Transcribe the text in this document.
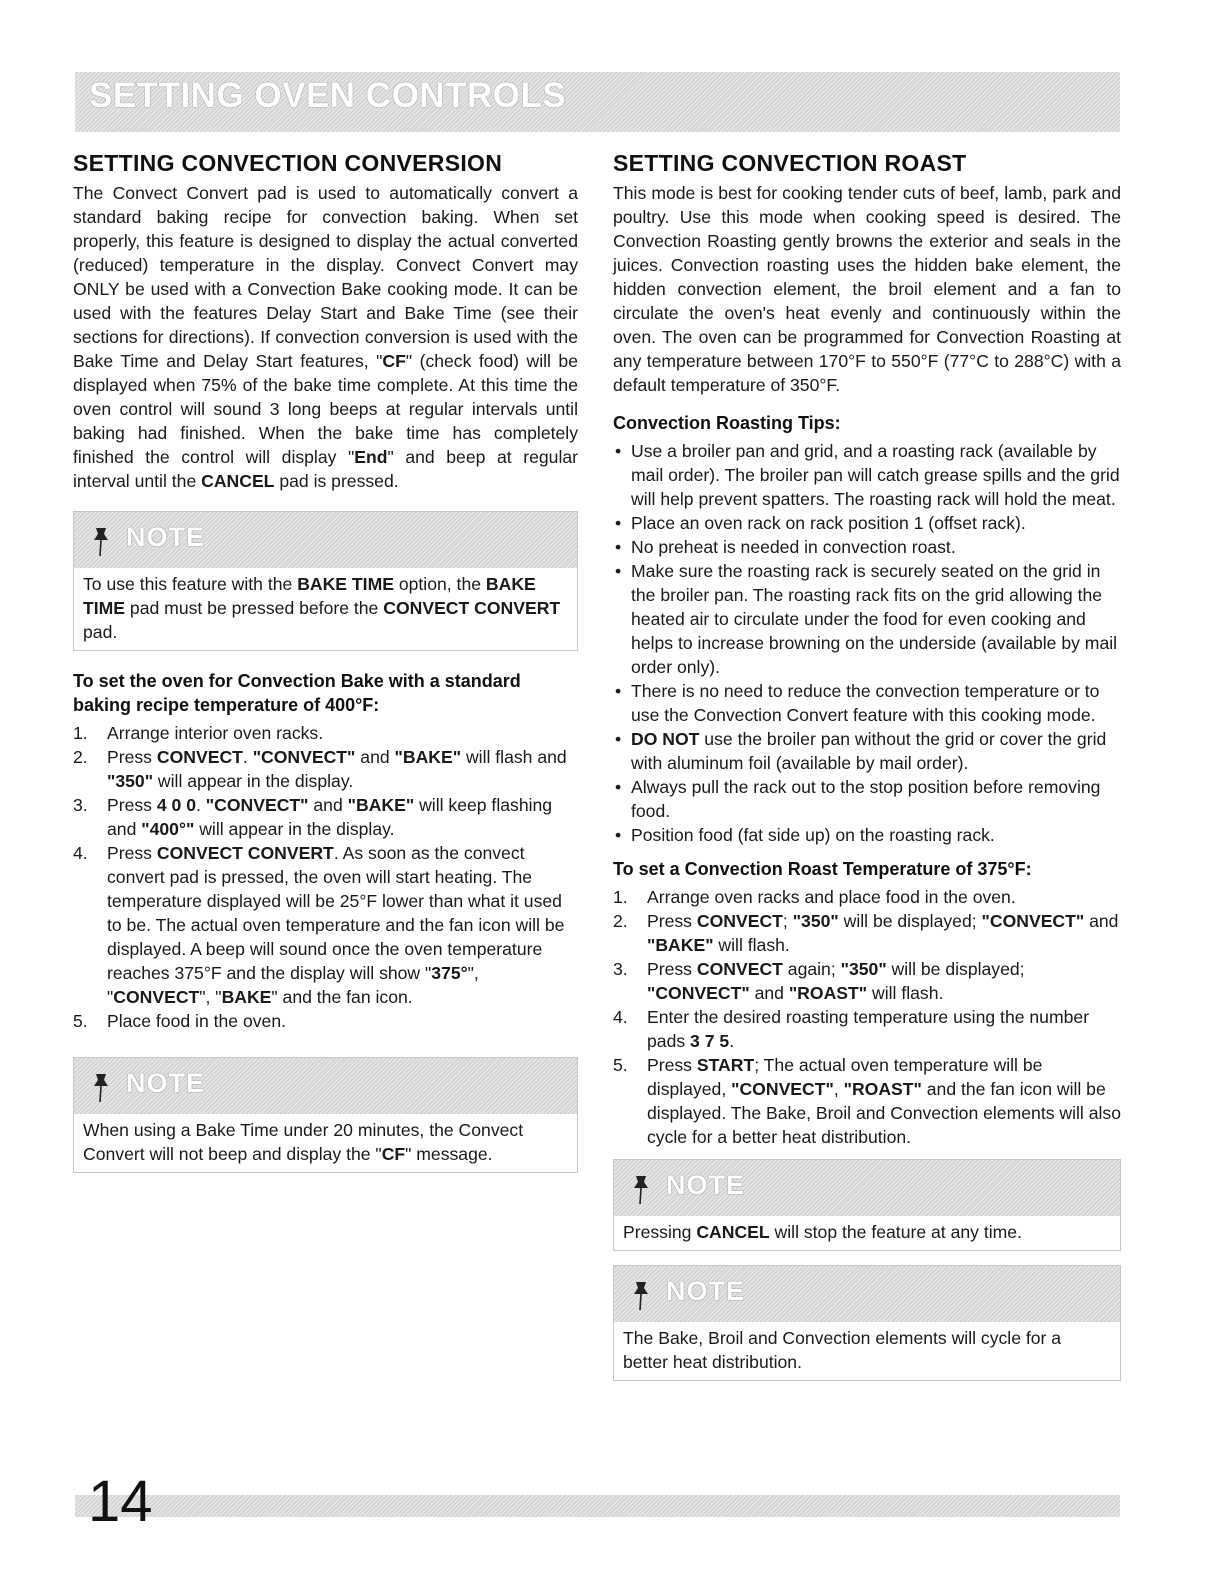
SETTING OVEN CONTROLS
SETTING CONVECTION CONVERSION

The Convect Convert pad is used to automatically convert a standard baking recipe for convection baking. When set properly, this feature is designed to display the actual converted (reduced) temperature in the display. Convect Convert may ONLY be used with a Convection Bake cooking mode. It can be used with the features Delay Start and Bake Time (see their sections for directions). If convection conversion is used with the Bake Time and Delay Start features, "CF" (check food) will be displayed when 75% of the bake time complete. At this time the oven control will sound 3 long beeps at regular intervals until baking had finished. When the bake time has completely finished the control will display "End" and beep at regular interval until the CANCEL pad is pressed.

NOTE
To use this feature with the BAKE TIME option, the BAKE TIME pad must be pressed before the CONVECT CONVERT pad.
To set the oven for Convection Bake with a standard baking recipe temperature of 400°F:
1. Arrange interior oven racks.
2. Press CONVECT. "CONVECT" and "BAKE" will flash and "350" will appear in the display.
3. Press 4 0 0. "CONVECT" and "BAKE" will keep flashing and "400°" will appear in the display.
4. Press CONVECT CONVERT. As soon as the convect convert pad is pressed, the oven will start heating. The temperature displayed will be 25°F lower than what it used to be. The actual oven temperature and the fan icon will be displayed. A beep will sound once the oven temperature reaches 375°F and the display will show "375°", "CONVECT", "BAKE" and the fan icon.
5. Place food in the oven.
NOTE
When using a Bake Time under 20 minutes, the Convect Convert will not beep and display the "CF" message.
SETTING CONVECTION ROAST

This mode is best for cooking tender cuts of beef, lamb, park and poultry. Use this mode when cooking speed is desired. The Convection Roasting gently browns the exterior and seals in the juices. Convection roasting uses the hidden bake element, the hidden convection element, the broil element and a fan to circulate the oven's heat evenly and continuously within the oven. The oven can be programmed for Convection Roasting at any temperature between 170°F to 550°F (77°C to 288°C) with a default temperature of 350°F.

Convection Roasting Tips:
• Use a broiler pan and grid, and a roasting rack (available by mail order). The broiler pan will catch grease spills and the grid will help prevent spatters. The roasting rack will hold the meat.
• Place an oven rack on rack position 1 (offset rack).
• No preheat is needed in convection roast.
• Make sure the roasting rack is securely seated on the grid in the broiler pan. The roasting rack fits on the grid allowing the heated air to circulate under the food for even cooking and helps to increase browning on the underside (available by mail order only).
• There is no need to reduce the convection temperature or to use the Convection Convert feature with this cooking mode.
• DO NOT use the broiler pan without the grid or cover the grid with aluminum foil (available by mail order).
• Always pull the rack out to the stop position before removing food.
• Position food (fat side up) on the roasting rack.
To set a Convection Roast Temperature of 375°F:
1. Arrange oven racks and place food in the oven.
2. Press CONVECT; "350" will be displayed; "CONVECT" and "BAKE" will flash.
3. Press CONVECT again; "350" will be displayed; "CONVECT" and "ROAST" will flash.
4. Enter the desired roasting temperature using the number pads 3 7 5.
5. Press START; The actual oven temperature will be displayed, "CONVECT", "ROAST" and the fan icon will be displayed. The Bake, Broil and Convection elements will also cycle for a better heat distribution.
NOTE
Pressing CANCEL will stop the feature at any time.
NOTE
The Bake, Broil and Convection elements will cycle for a better heat distribution.
14
